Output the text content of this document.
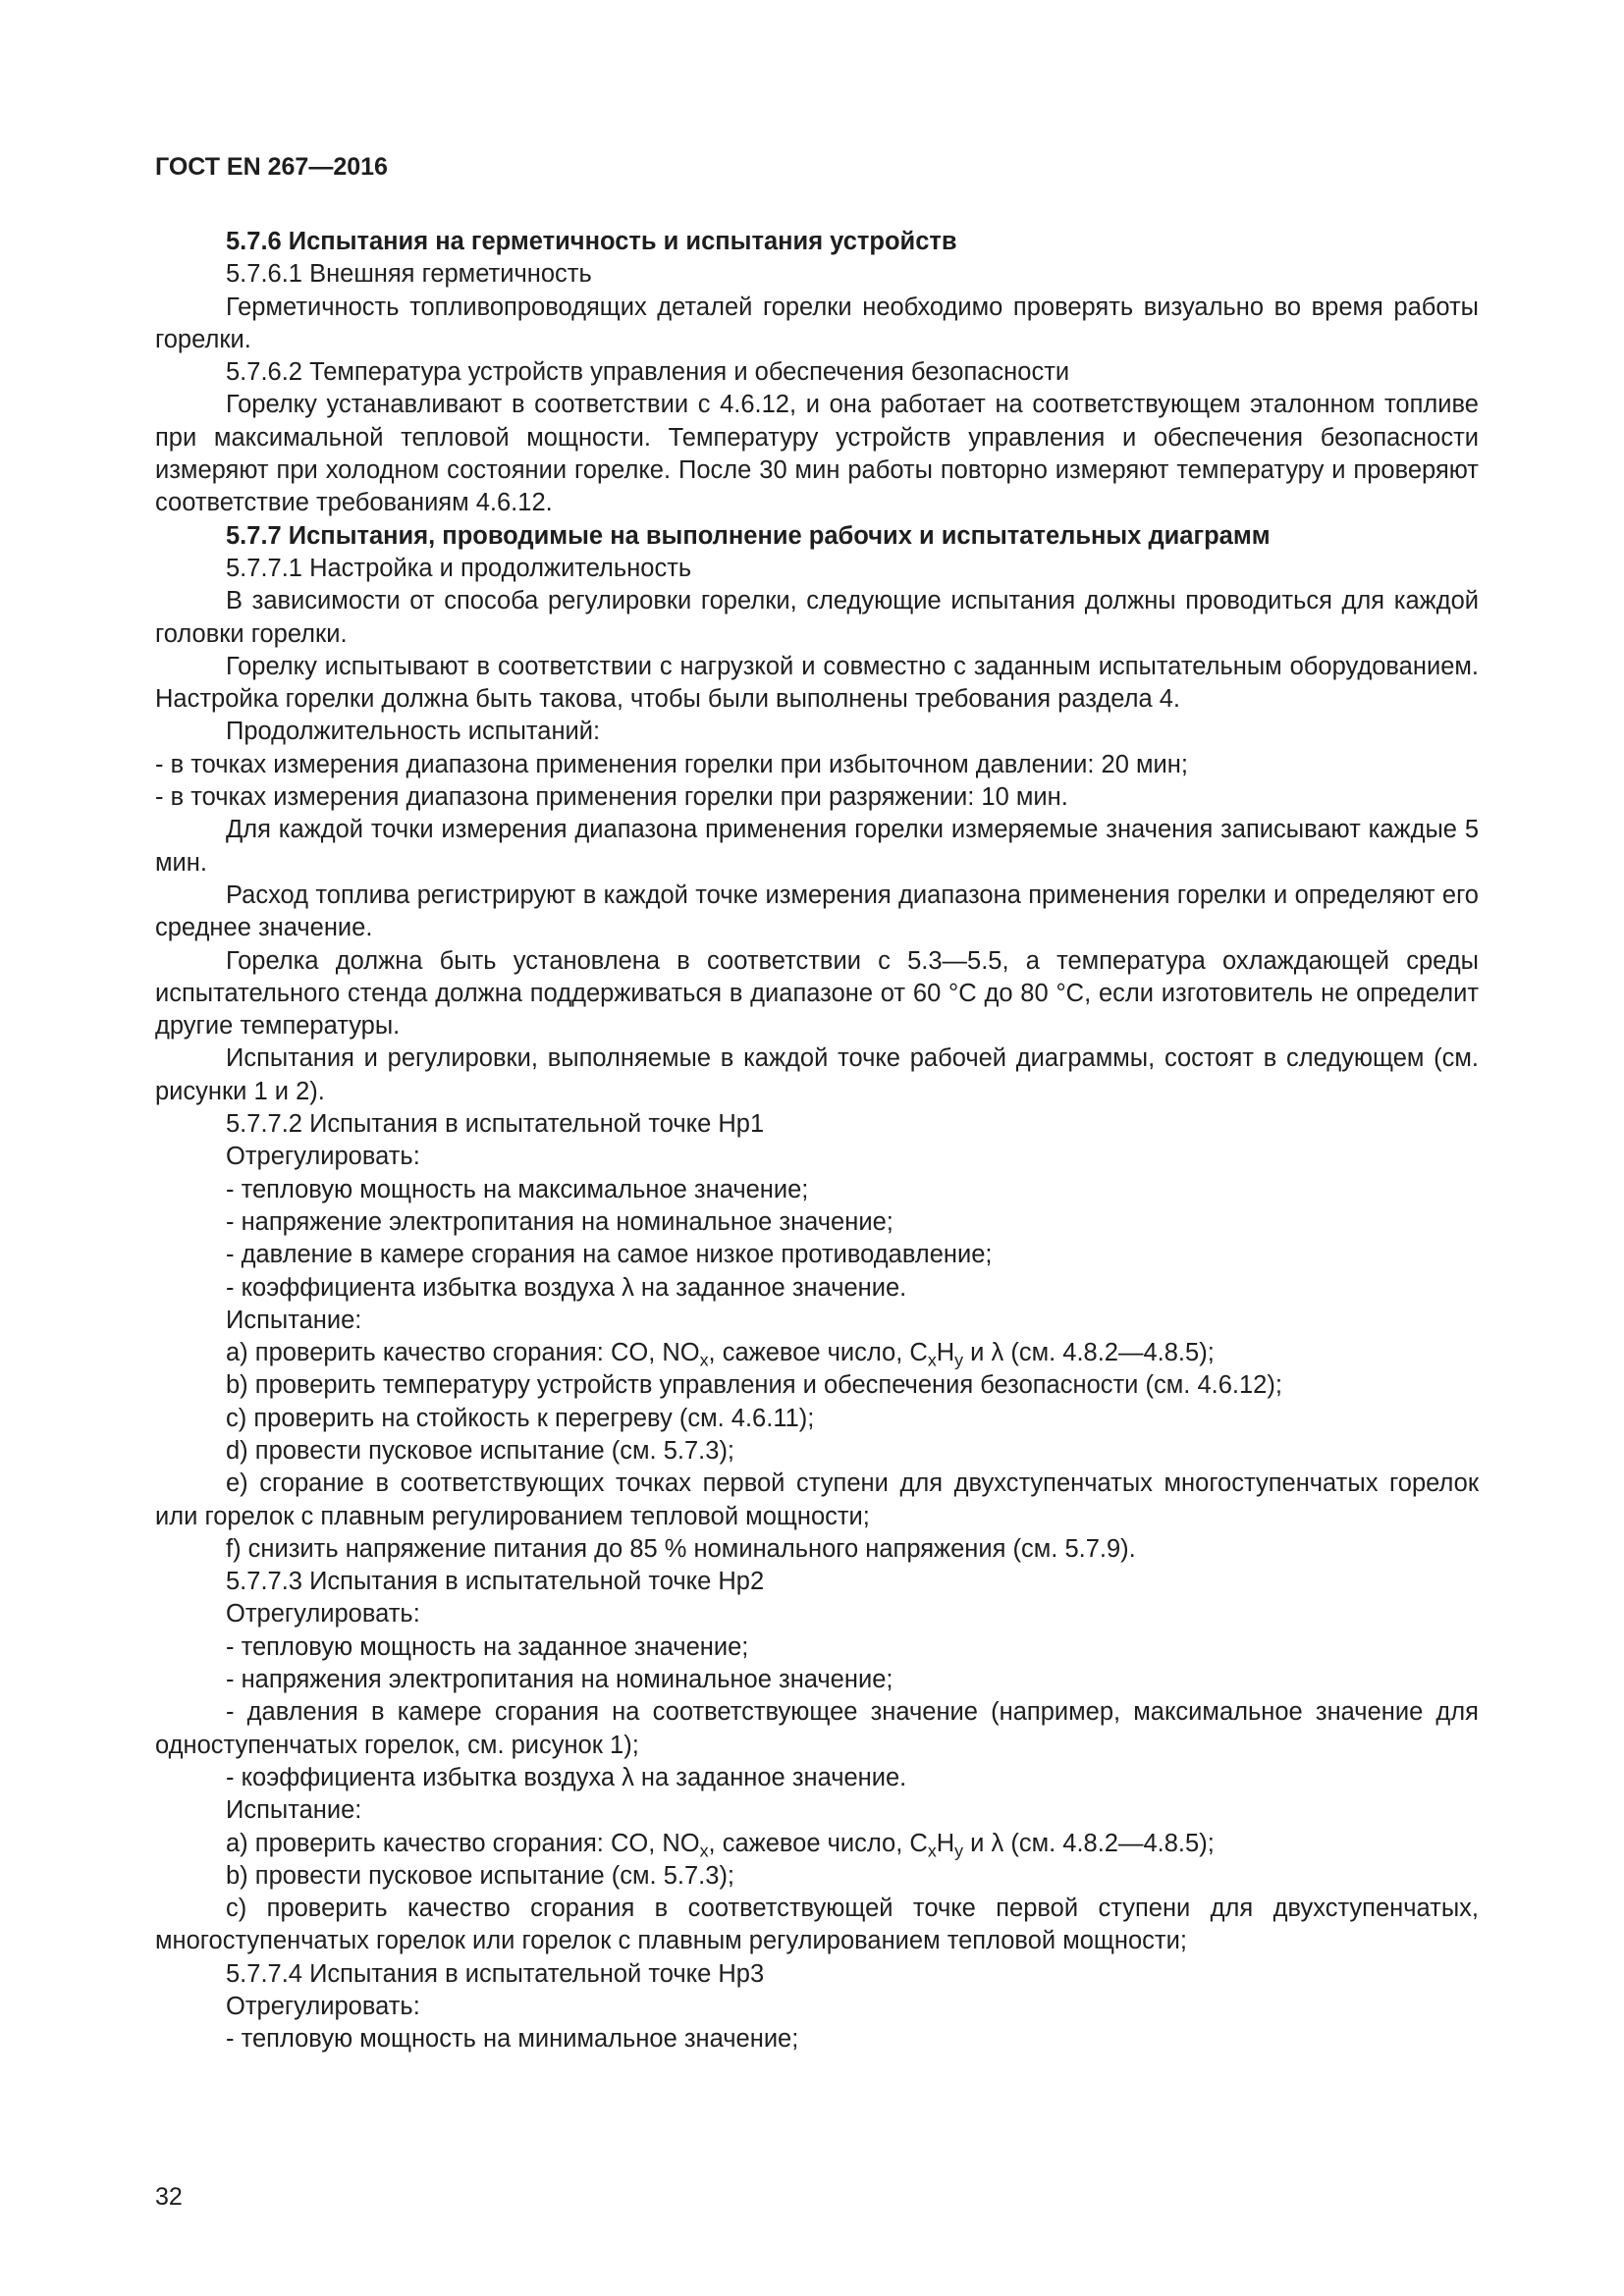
ГОСТ EN 267—2016

5.7.6 Испытания на герметичность и испытания устройств

5.7.6.1 Внешняя герметичность

Герметичность топливопроводящих деталей горелки необходимо проверять визуально во время работы горелки.

5.7.6.2 Температура устройств управления и обеспечения безопасности

Горелку устанавливают в соответствии с 4.6.12, и она работает на соответствующем эталонном топливе при максимальной тепловой мощности. Температуру устройств управления и обеспечения безопасности измеряют при холодном состоянии горелке. После 30 мин работы повторно измеряют температуру и проверяют соответствие требованиям 4.6.12.

5.7.7 Испытания, проводимые на выполнение рабочих и испытательных диаграмм

5.7.7.1 Настройка и продолжительность

В зависимости от способа регулировки горелки, следующие испытания должны проводиться для каждой головки горелки.

Горелку испытывают в соответствии с нагрузкой и совместно с заданным испытательным оборудованием. Настройка горелки должна быть такова, чтобы были выполнены требования раздела 4.

Продолжительность испытаний:

- в точках измерения диапазона применения горелки при избыточном давлении: 20 мин;

- в точках измерения диапазона применения горелки при разряжении: 10 мин.

Для каждой точки измерения диапазона применения горелки измеряемые значения записывают каждые 5 мин.

Расход топлива регистрируют в каждой точке измерения диапазона применения горелки и определяют его среднее значение.

Горелка должна быть установлена в соответствии с 5.3—5.5, а температура охлаждающей среды испытательного стенда должна поддерживаться в диапазоне от 60 °C до 80 °C, если изготовитель не определит другие температуры.

Испытания и регулировки, выполняемые в каждой точке рабочей диаграммы, состоят в следующем (см. рисунки 1 и 2).

5.7.7.2 Испытания в испытательной точке Hp1

Отрегулировать:

- тепловую мощность на максимальное значение;

- напряжение электропитания на номинальное значение;

- давление в камере сгорания на самое низкое противодавление;

- коэффициента избытка воздуха λ на заданное значение.

Испытание:

a) проверить качество сгорания: CO, $NO_x$, сажевое число, $C_xH_y$ и λ (см. 4.8.2—4.8.5);

b) проверить температуру устройств управления и обеспечения безопасности (см. 4.6.12);

c) проверить на стойкость к перегреву (см. 4.6.11);

d) провести пусковое испытание (см. 5.7.3);

e) сгорание в соответствующих точках первой ступени для двухступенчатых многоступенчатых горелок или горелок с плавным регулированием тепловой мощности;

f) снизить напряжение питания до 85 % номинального напряжения (см. 5.7.9).

5.7.7.3 Испытания в испытательной точке Hp2

Отрегулировать:

- тепловую мощность на заданное значение;

- напряжения электропитания на номинальное значение;

- давления в камере сгорания на соответствующее значение (например, максимальное значение для одноступенчатых горелок, см. рисунок 1);

- коэффициента избытка воздуха λ на заданное значение.

Испытание:

a) проверить качество сгорания: CO, $NO_x$, сажевое число, $C_xH_y$ и λ (см. 4.8.2—4.8.5);

b) провести пусковое испытание (см. 5.7.3);

c) проверить качество сгорания в соответствующей точке первой ступени для двухступенчатых, многоступенчатых горелок или горелок с плавным регулированием тепловой мощности;

5.7.7.4 Испытания в испытательной точке Hp3

Отрегулировать:

- тепловую мощность на минимальное значение;

32
